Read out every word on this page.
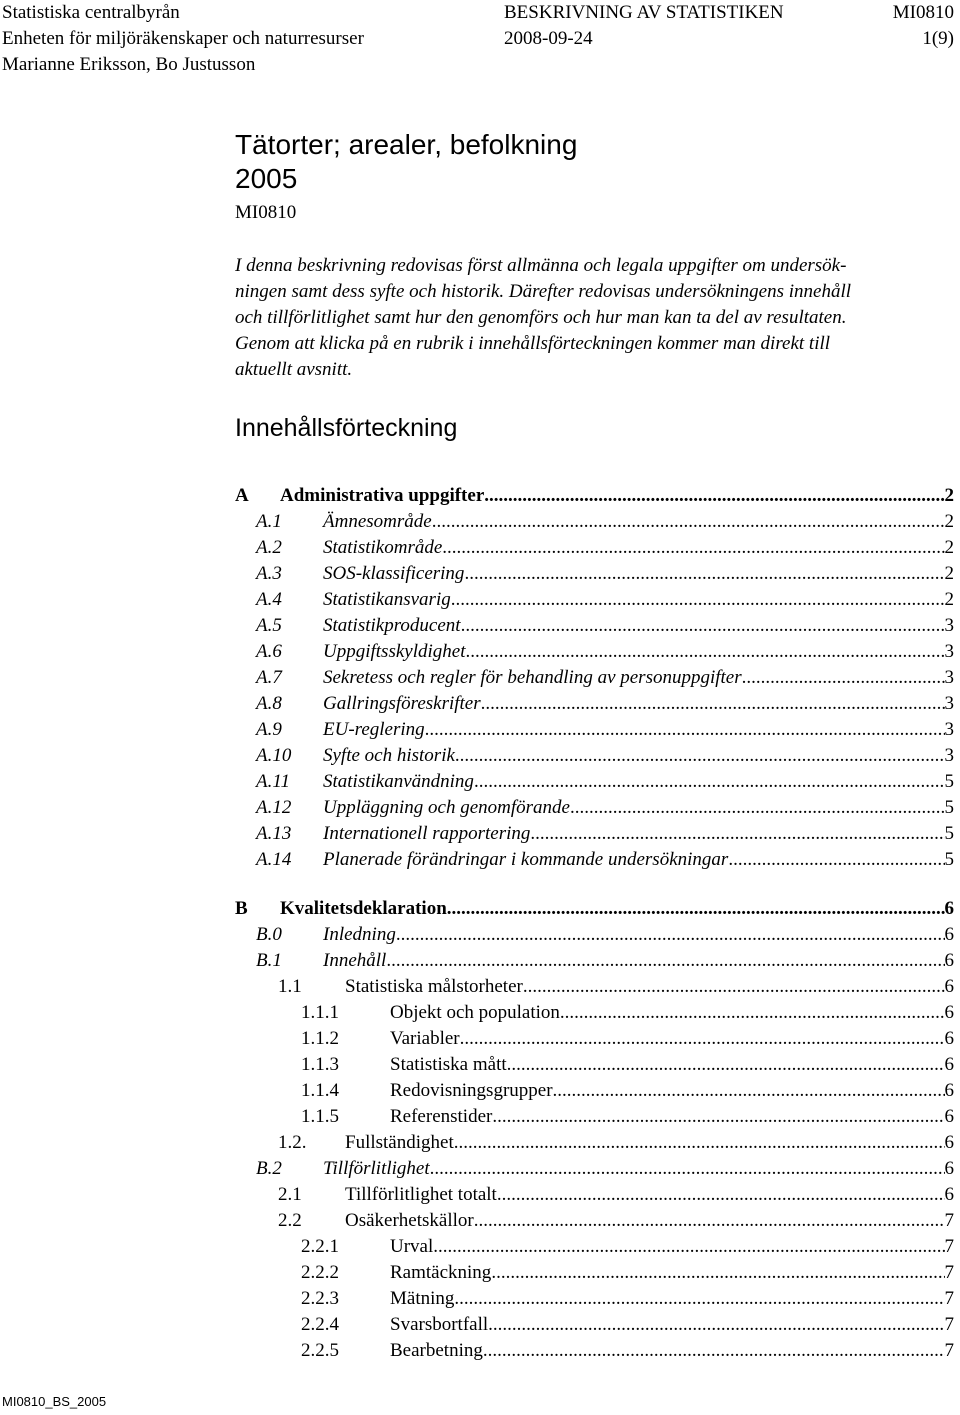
Statistiska centralbyrån
Enheten för miljöräkenskaper och naturresurser
Marianne Eriksson, Bo Justusson
BESKRIVNING AV STATISTIKEN
2008-09-24
MI0810
1(9)
Tätorter; arealer, befolkning
2005
MI0810

I denna beskrivning redovisas först allmänna och legala uppgifter om undersök-

ningen samt dess syfte och historik. Därefter redovisas undersökningens innehåll

och tillförlitlighet samt hur den genomförs och hur man kan ta del av resultaten.

Genom att klicka på en rubrik i innehållsförteckningen kommer man direkt till

aktuellt avsnitt.

Innehållsförteckning
A	Administrativa uppgifter .....	2
A.1	Ämnesområde .....	2
A.2	Statistikområde .....	2
A.3	SOS-klassificering .....	2
A.4	Statistikansvarig .....	2
A.5	Statistikproducent .....	3
A.6	Uppgiftsskyldighet .....	3
A.7	Sekretess och regler för behandling av personuppgifter .....	3
A.8	Gallringsföreskrifter .....	3
A.9	EU-reglering .....	3
A.10	Syfte och historik .....	3
A.11	Statistikanvändning .....	5
A.12	Uppläggning och genomförande .....	5
A.13	Internationell rapportering .....	5
A.14	Planerade förändringar i kommande undersökningar .....	5
B	Kvalitetsdeklaration .....	6
B.0	Inledning .....	6
B.1	Innehåll .....	6
1.1	Statistiska målstorheter .....	6
1.1.1	Objekt och population .....	6
1.1.2	Variabler .....	6
1.1.3	Statistiska mått .....	6
1.1.4	Redovisningsgrupper .....	6
1.1.5	Referenstider .....	6
1.2.	Fullständighet .....	6
B.2	Tillförlitlighet .....	6
2.1	Tillförlitlighet totalt .....	6
2.2	Osäkerhetskällor .....	7
2.2.1	Urval .....	7
2.2.2	Ramtäckning .....	7
2.2.3	Mätning .....	7
2.2.4	Svarsbortfall .....	7
2.2.5	Bearbetning .....	7
MI0810_BS_2005
